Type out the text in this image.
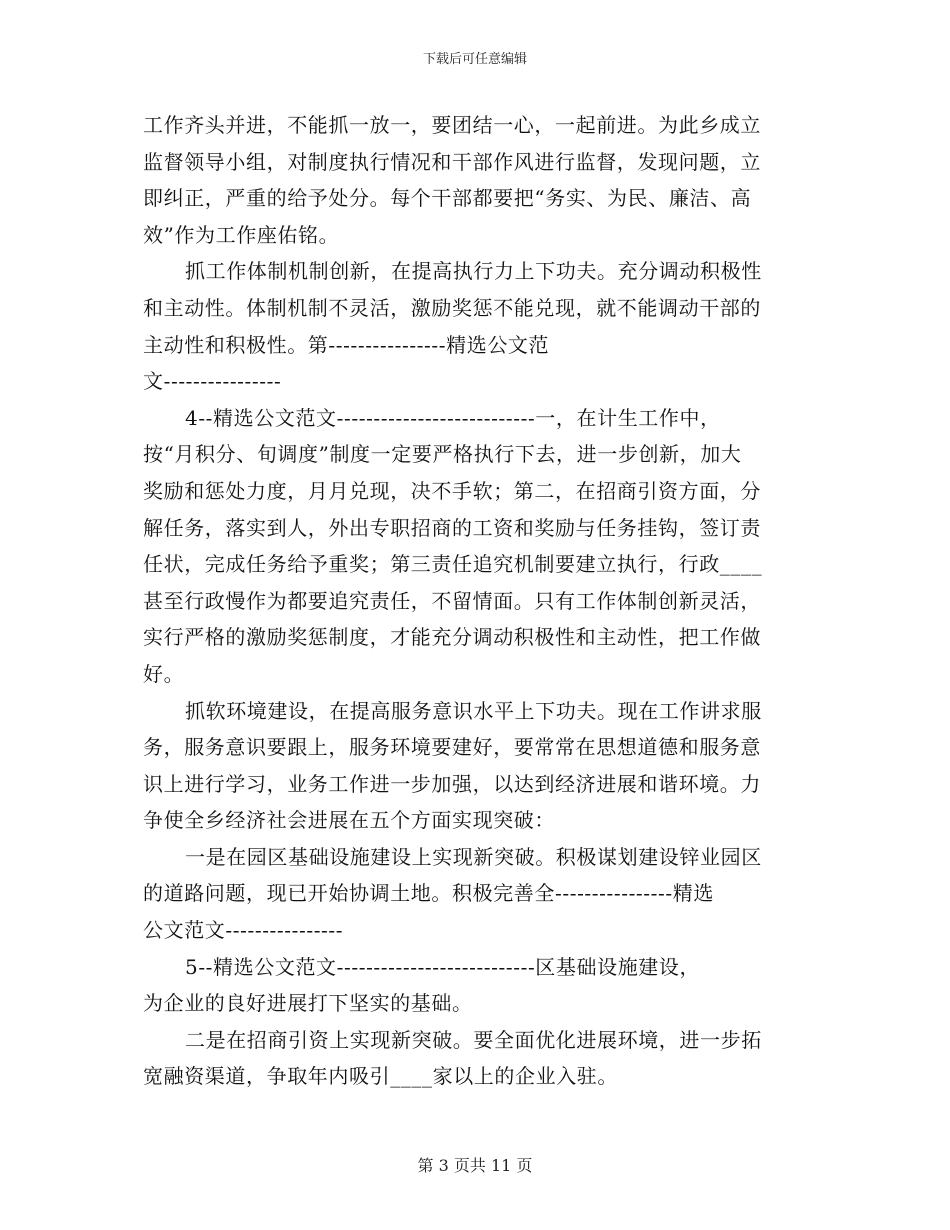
下载后可任意编辑
工作齐头并进，不能抓一放一，要团结一心，一起前进。为此乡成立
监督领导小组，对制度执行情况和干部作风进行监督，发现问题，立
即纠正，严重的给予处分。每个干部都要把“务实、为民、廉洁、高
效”作为工作座佑铭。
抓工作体制机制创新，在提高执行力上下功夫。充分调动积极性
和主动性。体制机制不灵活，激励奖惩不能兑现，就不能调动干部的
主动性和积极性。第----------------精选公文范
文----------------
4--精选公文范文---------------------------一，在计生工作中，
按“月积分、旬调度”制度一定要严格执行下去，进一步创新，加大
奖励和惩处力度，月月兑现，决不手软；第二，在招商引资方面，分
解任务，落实到人，外出专职招商的工资和奖励与任务挂钩，签订责
任状，完成任务给予重奖；第三责任追究机制要建立执行，行政____
甚至行政慢作为都要追究责任，不留情面。只有工作体制创新灵活，
实行严格的激励奖惩制度，才能充分调动积极性和主动性，把工作做
好。
抓软环境建设，在提高服务意识水平上下功夫。现在工作讲求服
务，服务意识要跟上，服务环境要建好，要常常在思想道德和服务意
识上进行学习，业务工作进一步加强，以达到经济进展和谐环境。力
争使全乡经济社会进展在五个方面实现突破：
一是在园区基础设施建设上实现新突破。积极谋划建设锌业园区
的道路问题，现已开始协调土地。积极完善全----------------精选
公文范文----------------
5--精选公文范文---------------------------区基础设施建设，
为企业的良好进展打下坚实的基础。
二是在招商引资上实现新突破。要全面优化进展环境，进一步拓
宽融资渠道，争取年内吸引____家以上的企业入驻。
第 3 页共 11 页
